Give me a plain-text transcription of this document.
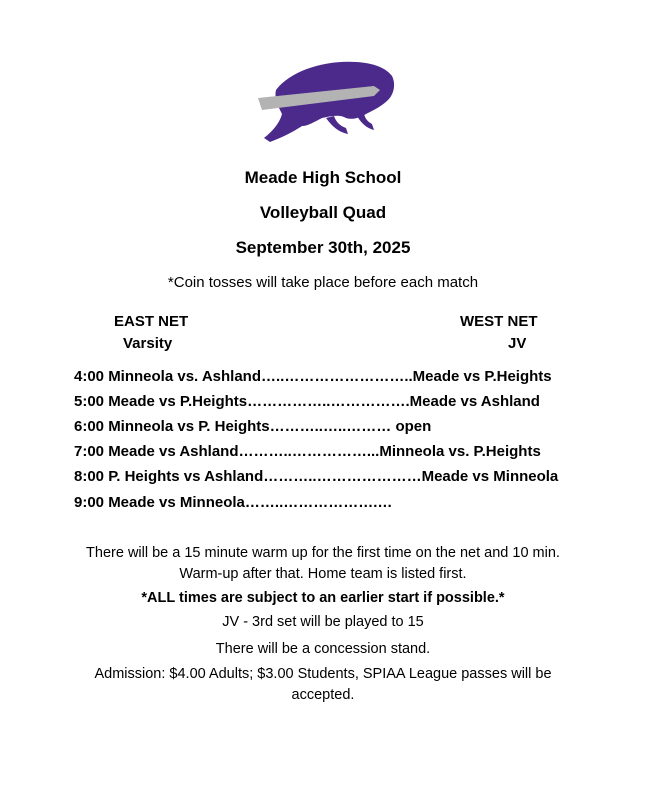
Meade High School
Volleyball Quad
September 30th, 2025
*Coin tosses will take place before each match
EAST NET
Varsity
WEST NET
JV
4:00 Minneola vs. Ashland…..……………………..Meade vs P.Heights
5:00 Meade vs P.Heights……………..…………….Meade vs Ashland
6:00 Minneola vs P. Heights………..…..……… open
7:00 Meade vs Ashland………..……………...Minneola vs. P.Heights
8:00 P. Heights vs Ashland………..…………………Meade vs Minneola
9:00 Meade vs Minneola……..……………….…
There will be a 15 minute warm up for the first time on the net and 10 min. Warm-up after that. Home team is listed first.
*ALL times are subject to an earlier start if possible.*
JV - 3rd set will be played to 15
There will be a concession stand.
Admission: $4.00 Adults; $3.00 Students, SPIAA League passes will be accepted.
